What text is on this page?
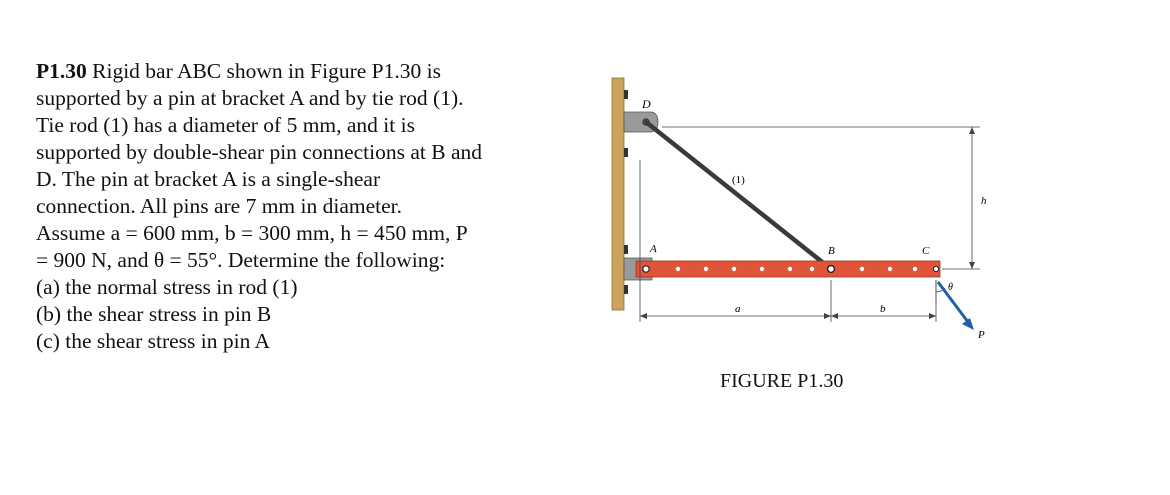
P1.30 Rigid bar ABC shown in Figure P1.30 is
supported by a pin at bracket A and by tie rod (1).
Tie rod (1) has a diameter of 5 mm, and it is
supported by double-shear pin connections at B and
D. The pin at bracket A is a single-shear
connection. All pins are 7 mm in diameter.
Assume a = 600 mm, b = 300 mm, h = 450 mm, P
= 900 N, and θ = 55°. Determine the following:
(a) the normal stress in rod (1)
(b) the shear stress in pin B
(c) the shear stress in pin A
D
A	B	C
(1)
a	b
h
θ
P
FIGURE P1.30
